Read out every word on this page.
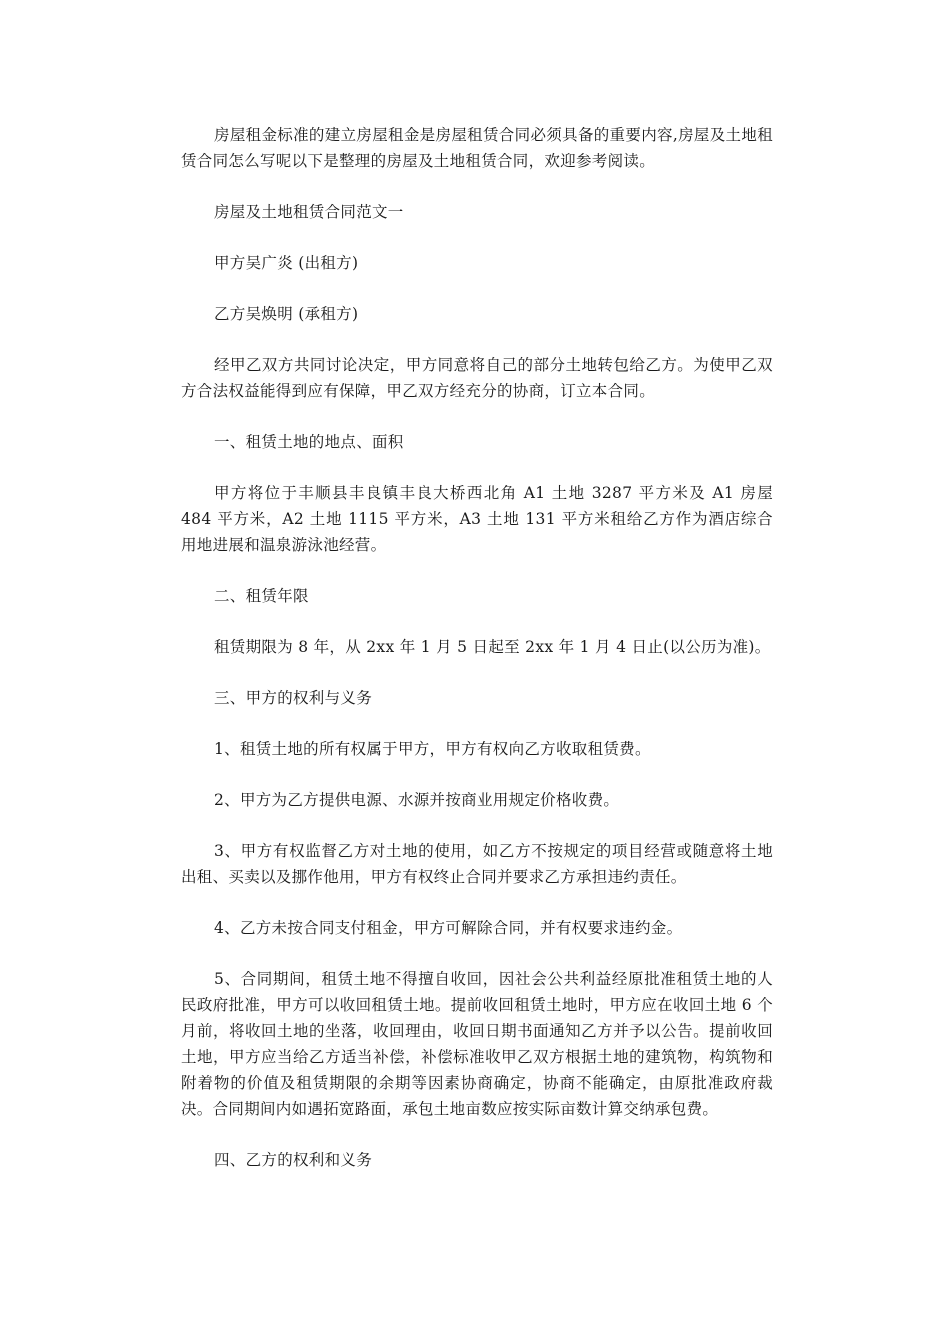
房屋租金标准的建立房屋租金是房屋租赁合同必须具备的重要内容,房屋及土地租赁合同怎么写呢以下是整理的房屋及土地租赁合同，欢迎参考阅读。

房屋及土地租赁合同范文一

甲方吴广炎 (出租方)

乙方吴焕明 (承租方)

经甲乙双方共同讨论决定，甲方同意将自己的部分土地转包给乙方。为使甲乙双方合法权益能得到应有保障，甲乙双方经充分的协商，订立本合同。

一、租赁土地的地点、面积

甲方将位于丰顺县丰良镇丰良大桥西北角 A1 土地 3287 平方米及 A1 房屋 484 平方米，A2 土地 1115 平方米，A3 土地 131 平方米租给乙方作为酒店综合用地进展和温泉游泳池经营。

二、租赁年限

租赁期限为 8 年，从 2xx 年 1 月 5 日起至 2xx 年 1 月 4 日止(以公历为准)。

三、甲方的权利与义务

1、租赁土地的所有权属于甲方，甲方有权向乙方收取租赁费。

2、甲方为乙方提供电源、水源并按商业用规定价格收费。

3、甲方有权监督乙方对土地的使用，如乙方不按规定的项目经营或随意将土地出租、买卖以及挪作他用，甲方有权终止合同并要求乙方承担违约责任。

4、乙方未按合同支付租金，甲方可解除合同，并有权要求违约金。

5、合同期间，租赁土地不得擅自收回，因社会公共利益经原批准租赁土地的人民政府批准，甲方可以收回租赁土地。提前收回租赁土地时，甲方应在收回土地 6 个月前，将收回土地的坐落，收回理由，收回日期书面通知乙方并予以公告。提前收回土地，甲方应当给乙方适当补偿，补偿标准收甲乙双方根据土地的建筑物，构筑物和附着物的价值及租赁期限的余期等因素协商确定，协商不能确定，由原批准政府裁决。合同期间内如遇拓宽路面，承包土地亩数应按实际亩数计算交纳承包费。

四、乙方的权利和义务
